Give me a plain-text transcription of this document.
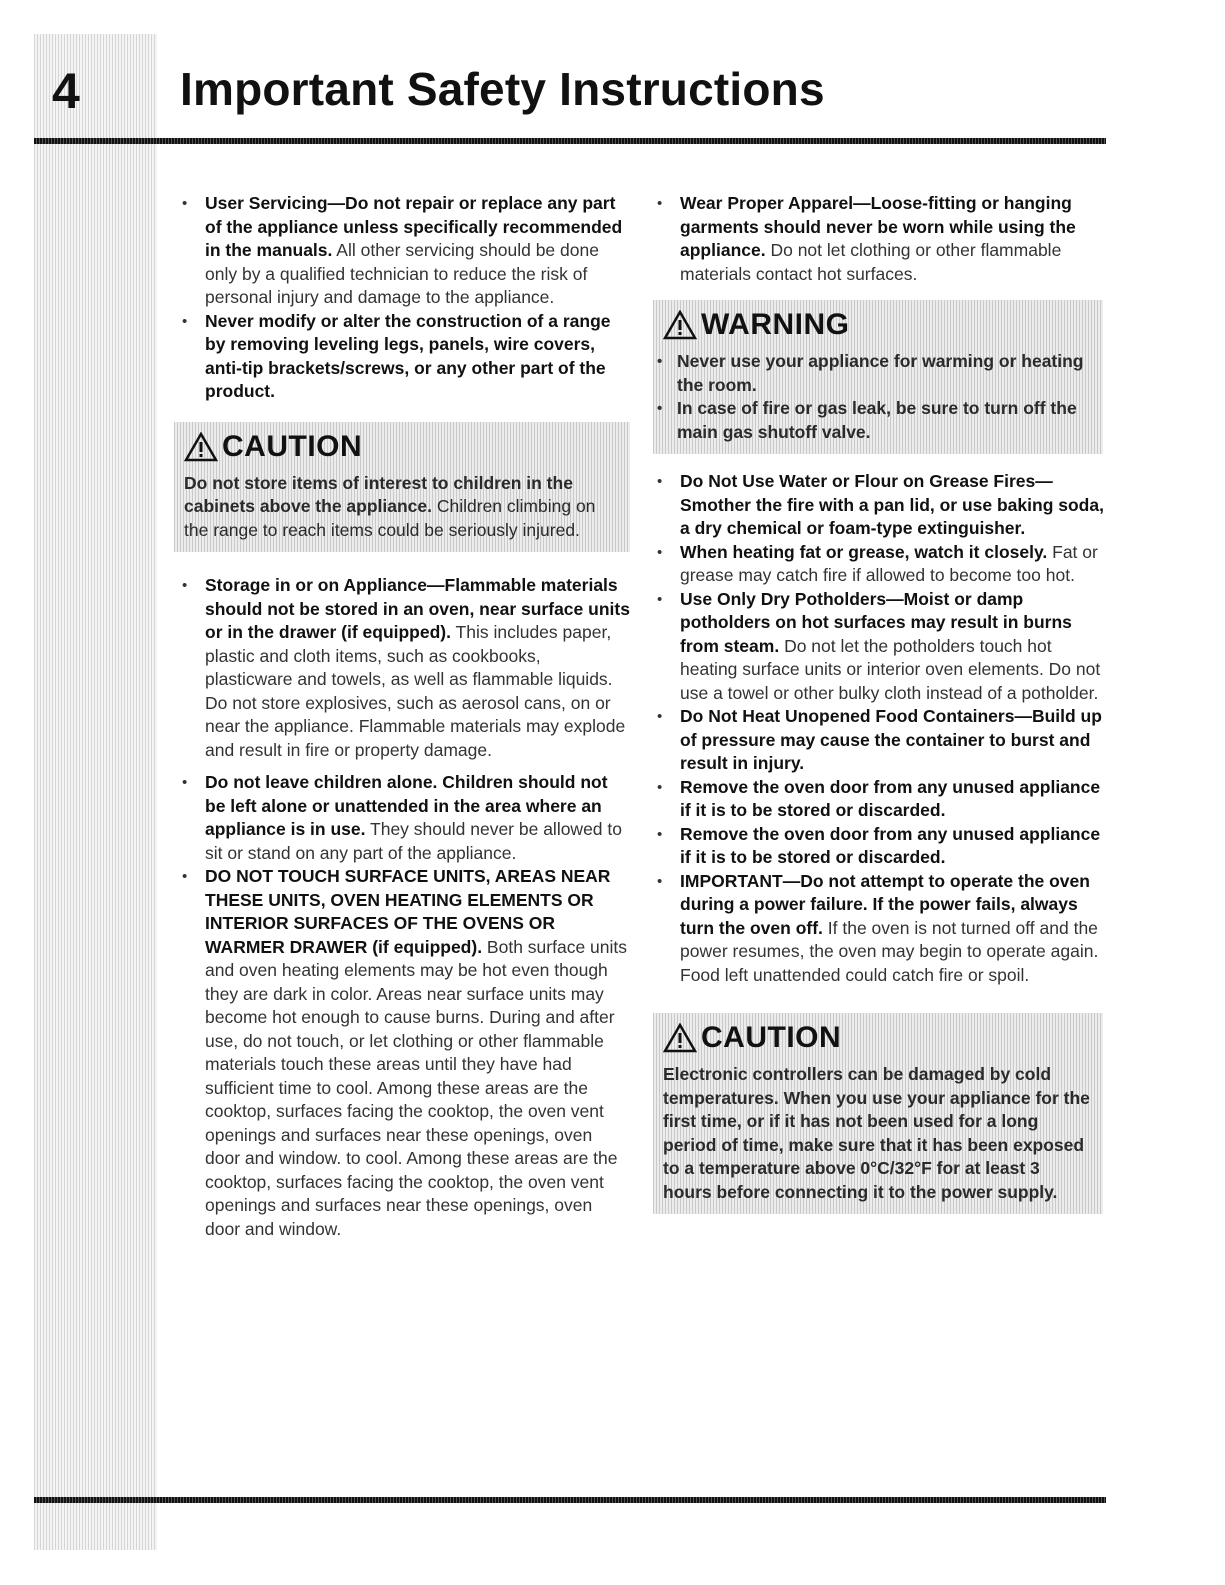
4 Important Safety Instructions
• User Servicing—Do not repair or replace any part of the appliance unless specifically recommended in the manuals. All other servicing should be done only by a qualified technician to reduce the risk of personal injury and damage to the appliance.
• Never modify or alter the construction of a range by removing leveling legs, panels, wire covers, anti-tip brackets/screws, or any other part of the product.
CAUTION
Do not store items of interest to children in the cabinets above the appliance. Children climbing on the range to reach items could be seriously injured.
• Storage in or on Appliance—Flammable materials should not be stored in an oven, near surface units or in the drawer (if equipped). This includes paper, plastic and cloth items, such as cookbooks, plasticware and towels, as well as flammable liquids. Do not store explosives, such as aerosol cans, on or near the appliance. Flammable materials may explode and result in fire or property damage.
• Do not leave children alone. Children should not be left alone or unattended in the area where an appliance is in use. They should never be allowed to sit or stand on any part of the appliance.
• DO NOT TOUCH SURFACE UNITS, AREAS NEAR THESE UNITS, OVEN HEATING ELEMENTS OR INTERIOR SURFACES OF THE OVENS OR WARMER DRAWER (if equipped). Both surface units and oven heating elements may be hot even though they are dark in color. Areas near surface units may become hot enough to cause burns. During and after use, do not touch, or let clothing or other flammable materials touch these areas until they have had sufficient time to cool. Among these areas are the cooktop, surfaces facing the cooktop, the oven vent openings and surfaces near these openings, oven door and window. to cool. Among these areas are the cooktop, surfaces facing the cooktop, the oven vent openings and surfaces near these openings, oven door and window.
• Wear Proper Apparel—Loose-fitting or hanging garments should never be worn while using the appliance. Do not let clothing or other flammable materials contact hot surfaces.
WARNING
• Never use your appliance for warming or heating the room.
• In case of fire or gas leak, be sure to turn off the main gas shutoff valve.
• Do Not Use Water or Flour on Grease Fires—Smother the fire with a pan lid, or use baking soda, a dry chemical or foam-type extinguisher.
• When heating fat or grease, watch it closely. Fat or grease may catch fire if allowed to become too hot.
• Use Only Dry Potholders—Moist or damp potholders on hot surfaces may result in burns from steam. Do not let the potholders touch hot heating surface units or interior oven elements. Do not use a towel or other bulky cloth instead of a potholder.
• Do Not Heat Unopened Food Containers—Build up of pressure may cause the container to burst and result in injury.
• Remove the oven door from any unused appliance if it is to be stored or discarded.
• Remove the oven door from any unused appliance if it is to be stored or discarded.
• IMPORTANT—Do not attempt to operate the oven during a power failure. If the power fails, always turn the oven off. If the oven is not turned off and the power resumes, the oven may begin to operate again. Food left unattended could catch fire or spoil.
CAUTION
Electronic controllers can be damaged by cold temperatures. When you use your appliance for the first time, or if it has not been used for a long period of time, make sure that it has been exposed to a temperature above 0°C/32°F for at least 3 hours before connecting it to the power supply.
